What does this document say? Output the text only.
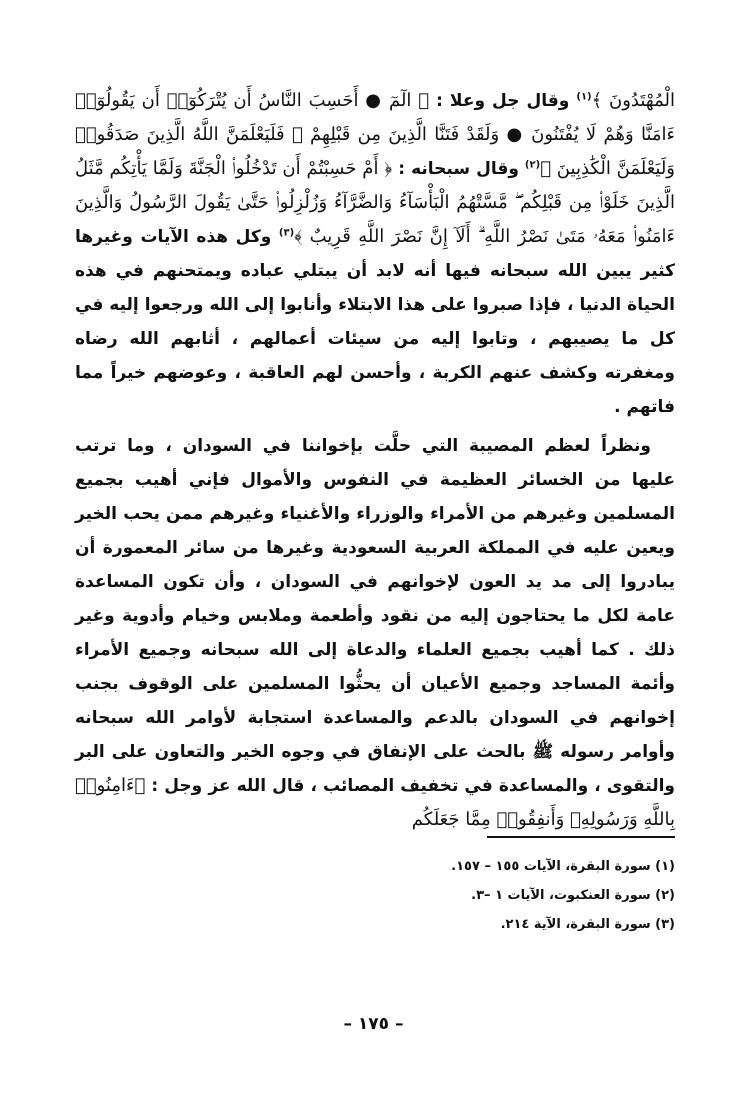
الْمُهْتَدُونَ ﴾$^{(١)}$ وقال جل وعلا : ﴿ الٓمٓ ● أَحَسِبَ النَّاسُ أَن يُتْرَكُوٓا۟ أَن يَقُولُوٓا۟ ءَامَنَّا وَهُمْ لَا يُفْتَنُونَ ● وَلَقَدْ فَتَنَّا الَّذِينَ مِن قَبْلِهِمْ ۖ فَلَيَعْلَمَنَّ اللَّهُ الَّذِينَ صَدَقُوا۟ وَلَيَعْلَمَنَّ الْكَٰذِبِينَ ﴾$^{(٢)}$ وقال سبحانه : ﴿ أَمْ حَسِبْتُمْ أَن تَدْخُلُوا۟ الْجَنَّةَ وَلَمَّا يَأْتِكُم مَّثَلُ الَّذِينَ خَلَوْا۟ مِن قَبْلِكُم ۖ مَّسَّتْهُمُ الْبَأْسَآءُ وَالضَّرَّآءُ وَزُلْزِلُوا۟ حَتَّىٰ يَقُولَ الرَّسُولُ وَالَّذِينَ ءَامَنُوا۟ مَعَهُۥ مَتَىٰ نَصْرُ اللَّهِ ۗ أَلَآ إِنَّ نَصْرَ اللَّهِ قَرِيبٌ ﴾$^{(٣)}$ وكل هذه الآيات وغيرها كثير يبين الله سبحانه فيها أنه لابد أن يبتلي عباده ويمتحنهم في هذه الحياة الدنيا ، فإذا صبروا على هذا الابتلاء وأنابوا إلى الله ورجعوا إليه في كل ما يصيبهم ، وتابوا إليه من سيئات أعمالهم ، أثابهم الله رضاه ومغفرته وكشف عنهم الكربة ، وأحسن لهم العاقبة ، وعوضهم خيراً مما فاتهم .
ونظراً لعظم المصيبة التي حلَّت بإخواننا في السودان ، وما ترتب عليها من الخسائر العظيمة في النفوس والأموال فإني أهيب بجميع المسلمين وغيرهم من الأمراء والوزراء والأغنياء وغيرهم ممن يحب الخير ويعين عليه في المملكة العربية السعودية وغيرها من سائر المعمورة أن يبادروا إلى مد يد العون لإخوانهم في السودان ، وأن تكون المساعدة عامة لكل ما يحتاجون إليه من نقود وأطعمة وملابس وخيام وأدوية وغير ذلك . كما أهيب بجميع العلماء والدعاة إلى الله سبحانه وجميع الأمراء وأئمة المساجد وجميع الأعيان أن يحثُّوا المسلمين على الوقوف بجنب إخوانهم في السودان بالدعم والمساعدة استجابة لأوامر الله سبحانه وأوامر رسوله ﷺ بالحث على الإنفاق في وجوه الخير والتعاون على البر والتقوى ، والمساعدة في تخفيف المصائب ، قال الله عز وجل : ﴿ءَامِنُوا۟ بِاللَّهِ وَرَسُولِهِۦ وَأَنفِقُوا۟ مِمَّا جَعَلَكُم
(١) سورة البقرة، الآيات ١٥٥ – ١٥٧.
(٢) سورة العنكبوت، الآيات ١ –٣.
(٣) سورة البقرة، الآية ٢١٤.
– ١٧٥ –
